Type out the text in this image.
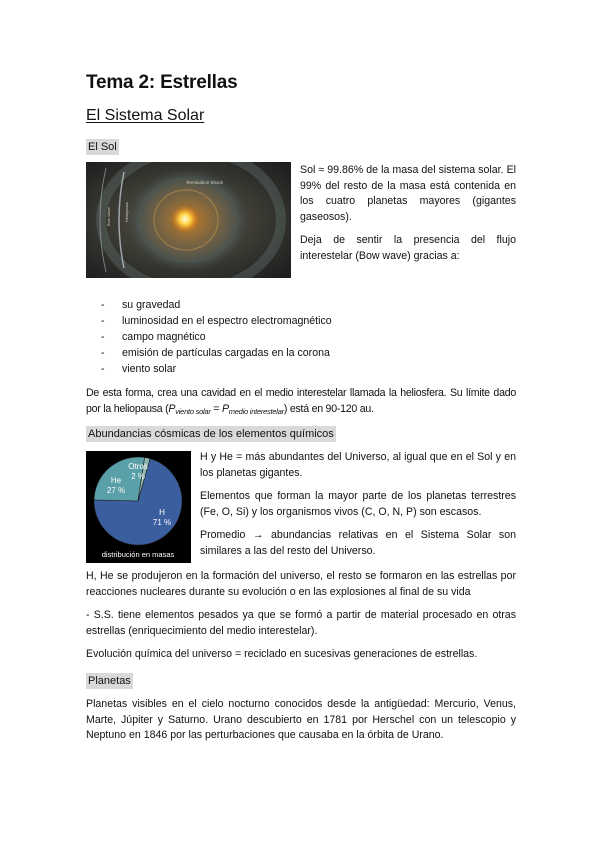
Tema 2: Estrellas
El Sistema Solar
El Sol
Termination Shock
Heliopause
Bow Wave

Sol ≈ 99.86% de la masa del sistema solar. El 99% del resto de la masa está contenida en los cuatro planetas mayores (gigantes gaseosos).

Deja de sentir la presencia del flujo interestelar (Bow wave) gracias a:

- su gravedad
- luminosidad en el espectro electromagnético
- campo magnético
- emisión de partículas cargadas en la corona
- viento solar

De esta forma, crea una cavidad en el medio interestelar llamada la heliosfera. Su límite dado por la heliopausa $(P_{viento solar} = P_{medio interestelar})$ está en 90-120 au.

Abundancias cósmicas de los elementos químicos
Otros
2 %
He
27 %
H
71 %
distribución en masas

H y He = más abundantes del Universo, al igual que en el Sol y en los planetas gigantes.

Elementos que forman la mayor parte de los planetas terrestres (Fe, O, Si) y los organismos vivos (C, O, N, P) son escasos.

Promedio → abundancias relativas en el Sistema Solar son similares a las del resto del Universo.

H, He se produjeron en la formación del universo, el resto se formaron en las estrellas por reacciones nucleares durante su evolución o en las explosiones al final de su vida

- S.S. tiene elementos pesados ya que se formó a partir de material procesado en otras estrellas (enriquecimiento del medio interestelar).

Evolución química del universo = reciclado en sucesivas generaciones de estrellas.

Planetas

Planetas visibles en el cielo nocturno conocidos desde la antigüedad: Mercurio, Venus, Marte, Júpiter y Saturno. Urano descubierto en 1781 por Herschel con un telescopio y Neptuno en 1846 por las perturbaciones que causaba en la órbita de Urano.
